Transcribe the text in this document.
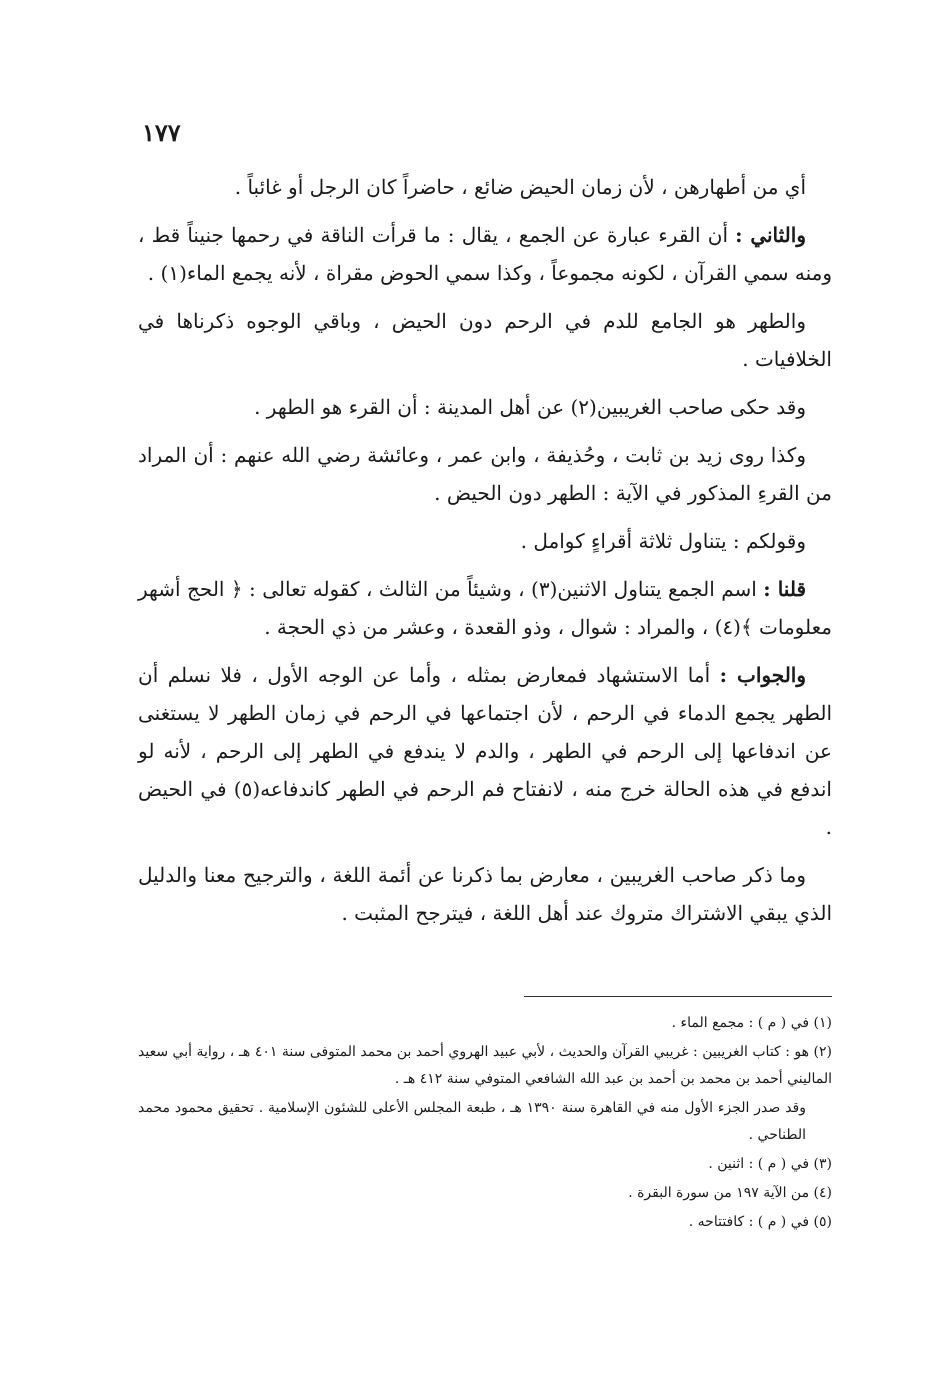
١٧٧

أي من أطهارهن ، لأن زمان الحيض ضائع ، حاضراً كان الرجل أو غائباً .

والثاني : أن القرء عبارة عن الجمع ، يقال : ما قرأت الناقة في رحمها جنيناً قط ، ومنه سمي القرآن ، لكونه مجموعاً ، وكذا سمي الحوض مقراة ، لأنه يجمع الماء(١) .

والطهر هو الجامع للدم في الرحم دون الحيض ، وباقي الوجوه ذكرناها في الخلافيات .

وقد حكى صاحب الغريبين(٢) عن أهل المدينة : أن القرء هو الطهر .

وكذا روى زيد بن ثابت ، وحُذيفة ، وابن عمر ، وعائشة رضي الله عنهم : أن المراد من القرءِ المذكور في الآية : الطهر دون الحيض .

وقولكم : يتناول ثلاثة أقراءٍ كوامل .

قلنا : اسم الجمع يتناول الاثنين(٣) ، وشيئاً من الثالث ، كقوله تعالى : ﴿ الحج أشهر معلومات ﴾(٤) ، والمراد : شوال ، وذو القعدة ، وعشر من ذي الحجة .

والجواب : أما الاستشهاد فمعارض بمثله ، وأما عن الوجه الأول ، فلا نسلم أن الطهر يجمع الدماء في الرحم ، لأن اجتماعها في الرحم في زمان الطهر لا يستغنى عن اندفاعها إلى الرحم في الطهر ، والدم لا يندفع في الطهر إلى الرحم ، لأنه لو اندفع في هذه الحالة خرج منه ، لانفتاح فم الرحم في الطهر كاندفاعه(٥) في الحيض .

وما ذكر صاحب الغريبين ، معارض بما ذكرنا عن أئمة اللغة ، والترجيح معنا والدليل الذي يبقي الاشتراك متروك عند أهل اللغة ، فيترجح المثبت .

(١) في ( م ) : مجمع الماء .

(٢) هو : كتاب الغريبين : غريبي القرآن والحديث ، لأبي عبيد الهروي أحمد بن محمد المتوفى سنة ٤٠١ هـ ، رواية أبي سعيد الماليني أحمد بن محمد بن أحمد بن عبد الله الشافعي المتوفي سنة ٤١٢ هـ .

وقد صدر الجزء الأول منه في القاهرة سنة ١٣٩٠ هـ ، طبعة المجلس الأعلى للشئون الإسلامية . تحقيق محمود محمد الطناحي .

(٣) في ( م ) : اثنين .

(٤) من الآية ١٩٧ من سورة البقرة .

(٥) في ( م ) : كافتتاحه .
